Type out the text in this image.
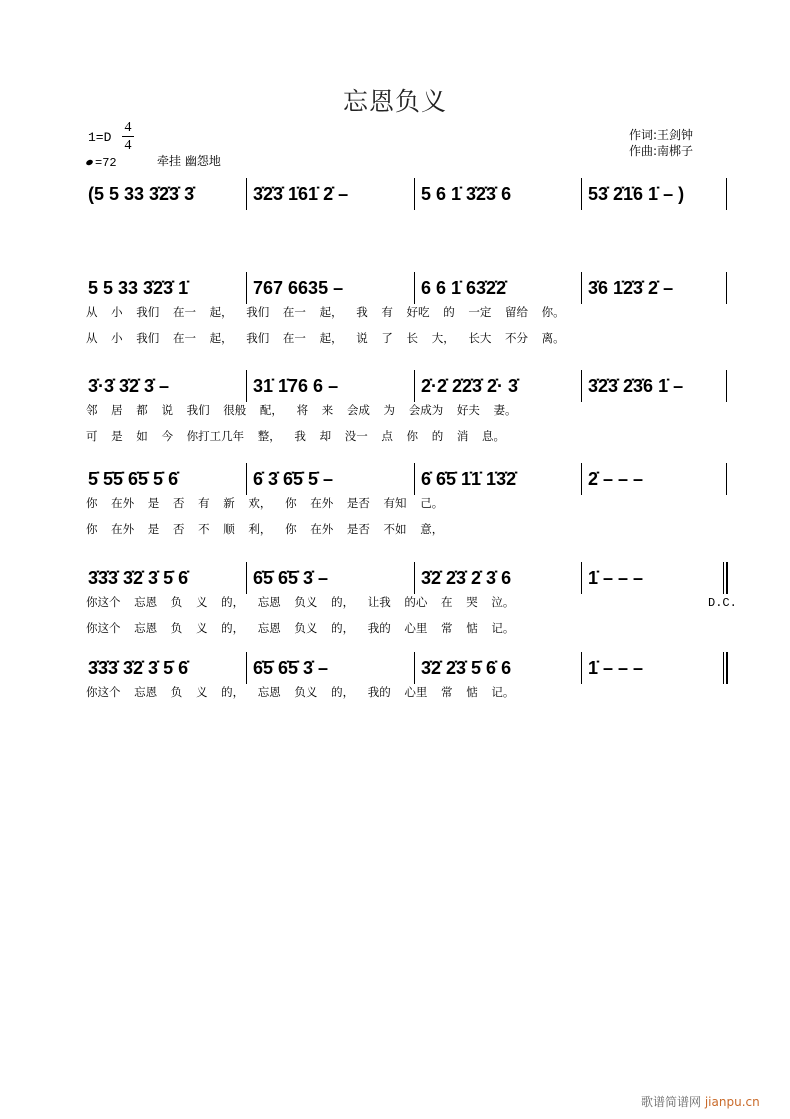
忘恩负义
1=D
4
4
=72	牵挂 幽怨地
作词:王剑钟
作曲:南梆子
(5 5 33 3̇2̇3̇ 3̇	3̇2̇3̇ 1̇61̇ 2̇ –	5 6 1̇ 3̇2̇3̇ 6	53̇ 2̇1̇6 1̇ – )
5 5 33 3̇2̇3̇ 1̇	767 6635 –	6 6 1̇ 63̇2̇2̇	3̇6 1̇2̇3̇ 2̇ –
从 小 我们 在一 起， 我们 在一 起， 我 有 好吃 的 一定 留给 你。
从 小 我们 在一 起， 我们 在一 起， 说 了 长 大， 长大 不分 离。
3̇·3̇ 3̇2̇ 3̇ –	31̇ 1̇76 6 –	2̇·2̇ 2̇2̇3̇ 2̇· 3̇	3̇2̇3̇ 2̇3̇6 1̇ –
邻 居 都 说 我们 很般 配， 将 来 会成 为 会成为 好夫 妻。
可 是 如 今 你打工几年 整， 我 却 没一 点 你 的 消 息。
5̇ 5̇5̇ 6̇5̇ 5̇ 6̇	6̇ 3̇ 6̇5̇ 5̇ –	6̇ 6̇5̇ 1̇1̇ 1̇3̇2̇	2̇ – – –
你 在外 是 否 有 新 欢， 你 在外 是否 有知 己。
你 在外 是 否 不 顺 利， 你 在外 是否 不如 意，
3̇3̇3̇ 3̇2̇ 3̇ 5̇ 6̇	6̇5̇ 6̇5̇ 3̇ –	3̇2̇ 2̇3̇ 2̇ 3̇ 6	1̇ – – –
你这个 忘恩 负 义 的， 忘恩 负义 的， 让我 的心 在 哭 泣。
你这个 忘恩 负 义 的， 忘恩 负义 的， 我的 心里 常 惦 记。
D.C.
3̇3̇3̇ 3̇2̇ 3̇ 5̇ 6̇	6̇5̇ 6̇5̇ 3̇ –	3̇2̇ 2̇3̇ 5̇ 6̇ 6	1̇ – – –
你这个 忘恩 负 义 的， 忘恩 负义 的， 我的 心里 常 惦 记。
歌谱简谱网 jianpu.cn
